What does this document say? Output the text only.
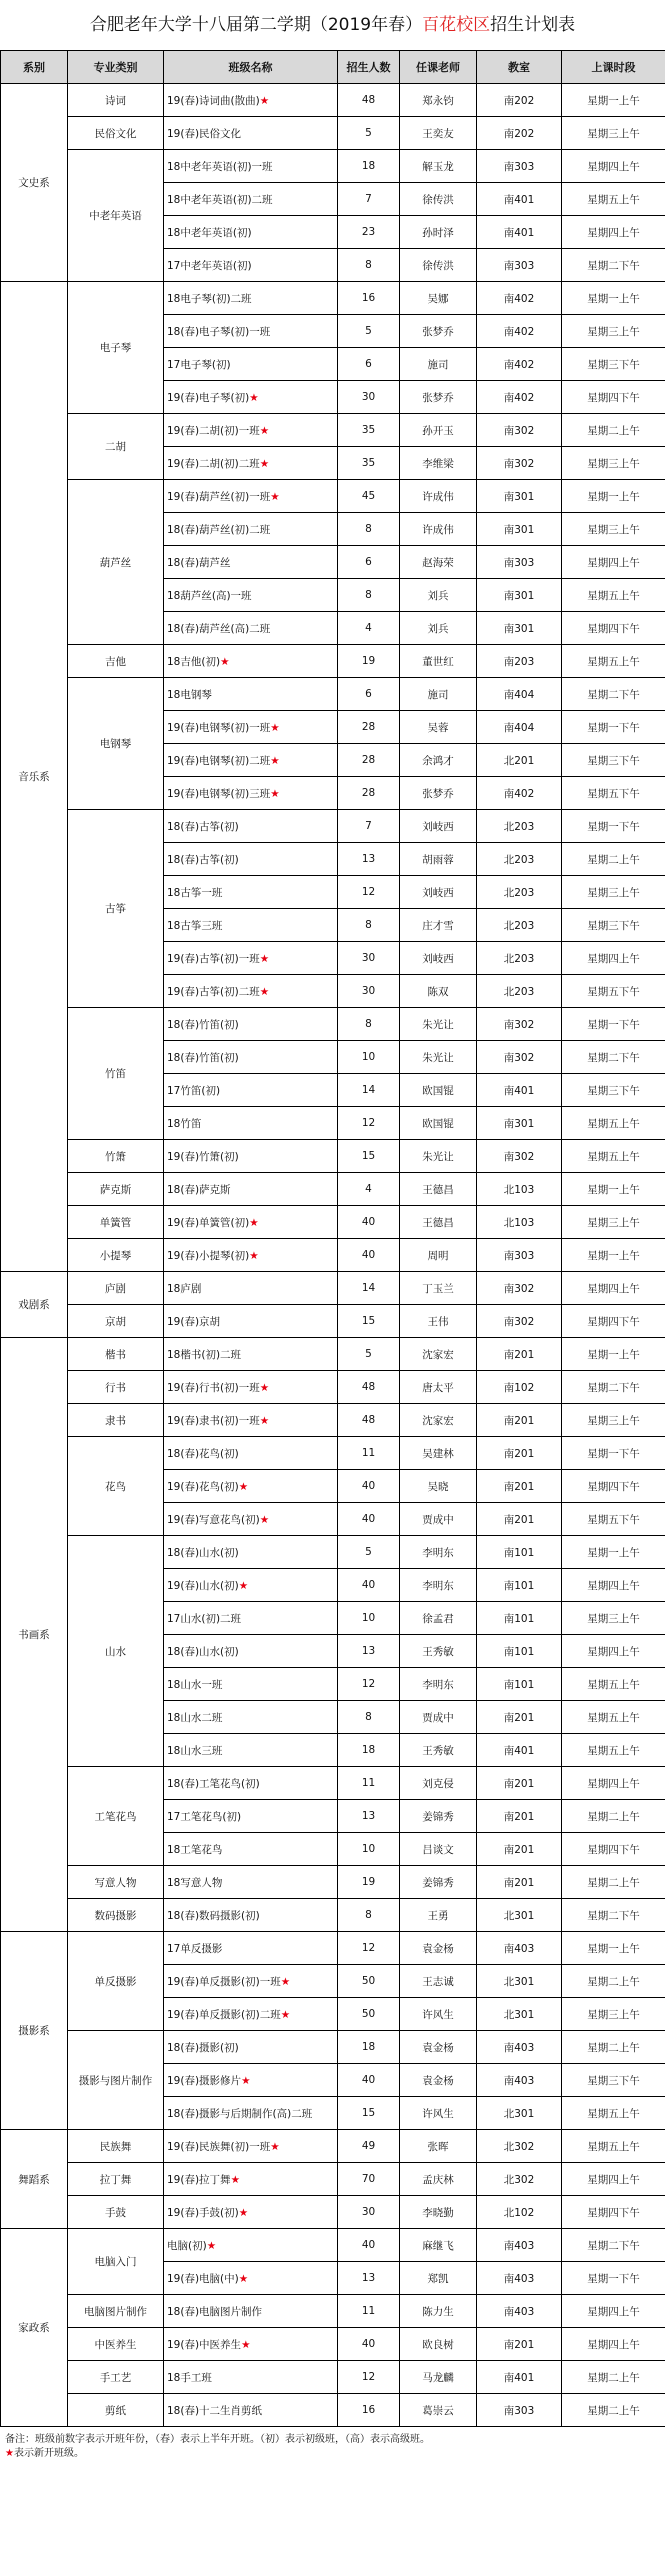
合肥老年大学十八届第二学期（2019年春）百花校区招生计划表
系别	专业类别	班级名称	招生人数	任课老师	教室	上课时段
文史系	诗词	19(春)诗词曲(散曲)★	48	郑永钧	南202	星期一上午
	民俗文化	19(春)民俗文化	5	王奕友	南202	星期三上午
	中老年英语	18中老年英语(初)一班	18	解玉龙	南303	星期四上午
		18中老年英语(初)二班	7	徐传洪	南401	星期五上午
		18中老年英语(初)	23	孙时泽	南401	星期四上午
		17中老年英语(初)	8	徐传洪	南303	星期二下午
音乐系	电子琴	18电子琴(初)二班	16	吴娜	南402	星期一上午
		18(春)电子琴(初)一班	5	张梦乔	南402	星期三上午
		17电子琴(初)	6	施司	南402	星期三下午
		19(春)电子琴(初)★	30	张梦乔	南402	星期四下午
	二胡	19(春)二胡(初)一班★	35	孙开玉	南302	星期二上午
		19(春)二胡(初)二班★	35	李维梁	南302	星期三上午
	葫芦丝	19(春)葫芦丝(初)一班★	45	许成伟	南301	星期一上午
		18(春)葫芦丝(初)二班	8	许成伟	南301	星期三上午
		18(春)葫芦丝	6	赵海荣	南303	星期四上午
		18葫芦丝(高)一班	8	刘兵	南301	星期五上午
		18(春)葫芦丝(高)二班	4	刘兵	南301	星期四下午
	吉他	18吉他(初)★	19	董世红	南203	星期五上午
	电钢琴	18电钢琴	6	施司	南404	星期二下午
		19(春)电钢琴(初)一班★	28	吴蓉	南404	星期一下午
		19(春)电钢琴(初)二班★	28	余鸿才	北201	星期三下午
		19(春)电钢琴(初)三班★	28	张梦乔	南402	星期五下午
	古筝	18(春)古筝(初)	7	刘岐西	北203	星期一下午
		18(春)古筝(初)	13	胡雨蓉	北203	星期二上午
		18古筝一班	12	刘岐西	北203	星期三上午
		18古筝三班	8	庄才雪	北203	星期三下午
		19(春)古筝(初)一班★	30	刘岐西	北203	星期四上午
		19(春)古筝(初)二班★	30	陈双	北203	星期五下午
	竹笛	18(春)竹笛(初)	8	朱光让	南302	星期一下午
		18(春)竹笛(初)	10	朱光让	南302	星期二下午
		17竹笛(初)	14	欧国锟	南401	星期三下午
		18竹笛	12	欧国锟	南301	星期五上午
	竹箫	19(春)竹箫(初)	15	朱光让	南302	星期五上午
	萨克斯	18(春)萨克斯	4	王德昌	北103	星期一上午
	单簧管	19(春)单簧管(初)★	40	王德昌	北103	星期三上午
	小提琴	19(春)小提琴(初)★	40	周明	南303	星期一上午
戏剧系	庐剧	18庐剧	14	丁玉兰	南302	星期四上午
	京胡	19(春)京胡	15	王伟	南302	星期四下午
书画系	楷书	18楷书(初)二班	5	沈家宏	南201	星期一上午
	行书	19(春)行书(初)一班★	48	唐太平	南102	星期二下午
	隶书	19(春)隶书(初)一班★	48	沈家宏	南201	星期三上午
	花鸟	18(春)花鸟(初)	11	吴建林	南201	星期一下午
		19(春)花鸟(初)★	40	吴晓	南201	星期四下午
		19(春)写意花鸟(初)★	40	贾成中	南201	星期五下午
	山水	18(春)山水(初)	5	李明东	南101	星期一上午
		19(春)山水(初)★	40	李明东	南101	星期四上午
		17山水(初)二班	10	徐孟君	南101	星期三上午
		18(春)山水(初)	13	王秀敏	南101	星期四上午
		18山水一班	12	李明东	南101	星期五上午
		18山水二班	8	贾成中	南201	星期五上午
		18山水三班	18	王秀敏	南401	星期五上午
	工笔花鸟	18(春)工笔花鸟(初)	11	刘克侵	南201	星期四上午
		17工笔花鸟(初)	13	姜锦秀	南201	星期二上午
		18工笔花鸟	10	吕谈文	南201	星期四下午
	写意人物	18写意人物	19	姜锦秀	南201	星期二上午
	数码摄影	18(春)数码摄影(初)	8	王勇	北301	星期二下午
摄影系	单反摄影	17单反摄影	12	袁金杨	南403	星期一上午
		19(春)单反摄影(初)一班★	50	王志诚	北301	星期二上午
		19(春)单反摄影(初)二班★	50	许风生	北301	星期三上午
	摄影与图片制作	18(春)摄影(初)	18	袁金杨	南403	星期二上午
		19(春)摄影修片★	40	袁金杨	南403	星期三下午
		18(春)摄影与后期制作(高)二班	15	许风生	北301	星期五上午
舞蹈系	民族舞	19(春)民族舞(初)一班★	49	张晖	北302	星期五上午
	拉丁舞	19(春)拉丁舞★	70	孟庆林	北302	星期四上午
	手鼓	19(春)手鼓(初)★	30	李晓勤	北102	星期四下午
家政系	电脑入门	电脑(初)★	40	麻继飞	南403	星期二下午
		19(春)电脑(中)★	13	郑凯	南403	星期一下午
	电脑图片制作	18(春)电脑图片制作	11	陈力生	南403	星期四上午
	中医养生	19(春)中医养生★	40	欧良树	南201	星期四上午
	手工艺	18手工班	12	马龙麟	南401	星期二上午
	剪纸	18(春)十二生肖剪纸	16	葛崇云	南303	星期二上午
备注：班级前数字表示开班年份，（春）表示上半年开班。（初）表示初级班，（高）表示高级班。
★表示新开班级。
